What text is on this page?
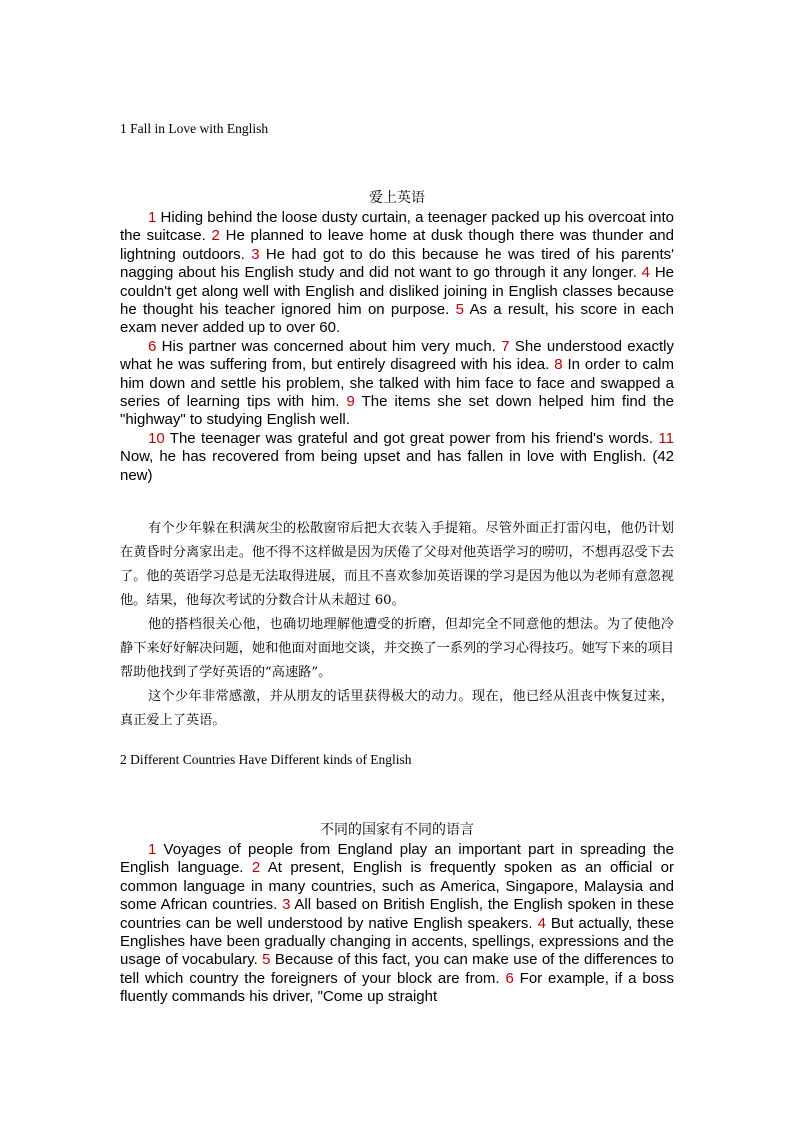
1 Fall in Love with English
爱上英语

1 Hiding behind the loose dusty curtain, a teenager packed up his overcoat into the suitcase. 2 He planned to leave home at dusk though there was thunder and lightning outdoors. 3 He had got to do this because he was tired of his parents' nagging about his English study and did not want to go through it any longer. 4 He couldn't get along well with English and disliked joining in English classes because he thought his teacher ignored him on purpose. 5 As a result, his score in each exam never added up to over 60.

6 His partner was concerned about him very much. 7 She understood exactly what he was suffering from, but entirely disagreed with his idea. 8 In order to calm him down and settle his problem, she talked with him face to face and swapped a series of learning tips with him. 9 The items she set down helped him find the "highway" to studying English well.

10 The teenager was grateful and got great power from his friend's words. 11 Now, he has recovered from being upset and has fallen in love with English. (42 new)

有个少年躲在积满灰尘的松散窗帘后把大衣装入手提箱。尽管外面正打雷闪电，他仍计划在黄昏时分离家出走。他不得不这样做是因为厌倦了父母对他英语学习的唠叨，不想再忍受下去了。他的英语学习总是无法取得进展，而且不喜欢参加英语课的学习是因为他以为老师有意忽视他。结果，他每次考试的分数合计从未超过 60。

他的搭档很关心他，也确切地理解他遭受的折磨，但却完全不同意他的想法。为了使他冷静下来好好解决问题，她和他面对面地交谈，并交换了一系列的学习心得技巧。她写下来的项目帮助他找到了学好英语的“高速路”。

这个少年非常感激，并从朋友的话里获得极大的动力。现在，他已经从沮丧中恢复过来，真正爱上了英语。

2 Different Countries Have Different kinds of English
不同的国家有不同的语言

1 Voyages of people from England play an important part in spreading the English language. 2 At present, English is frequently spoken as an official or common language in many countries, such as America, Singapore, Malaysia and some African countries. 3 All based on British English, the English spoken in these countries can be well understood by native English speakers. 4 But actually, these Englishes have been gradually changing in accents, spellings, expressions and the usage of vocabulary. 5 Because of this fact, you can make use of the differences to tell which country the foreigners of your block are from. 6 For example, if a boss fluently commands his driver, "Come up straight
